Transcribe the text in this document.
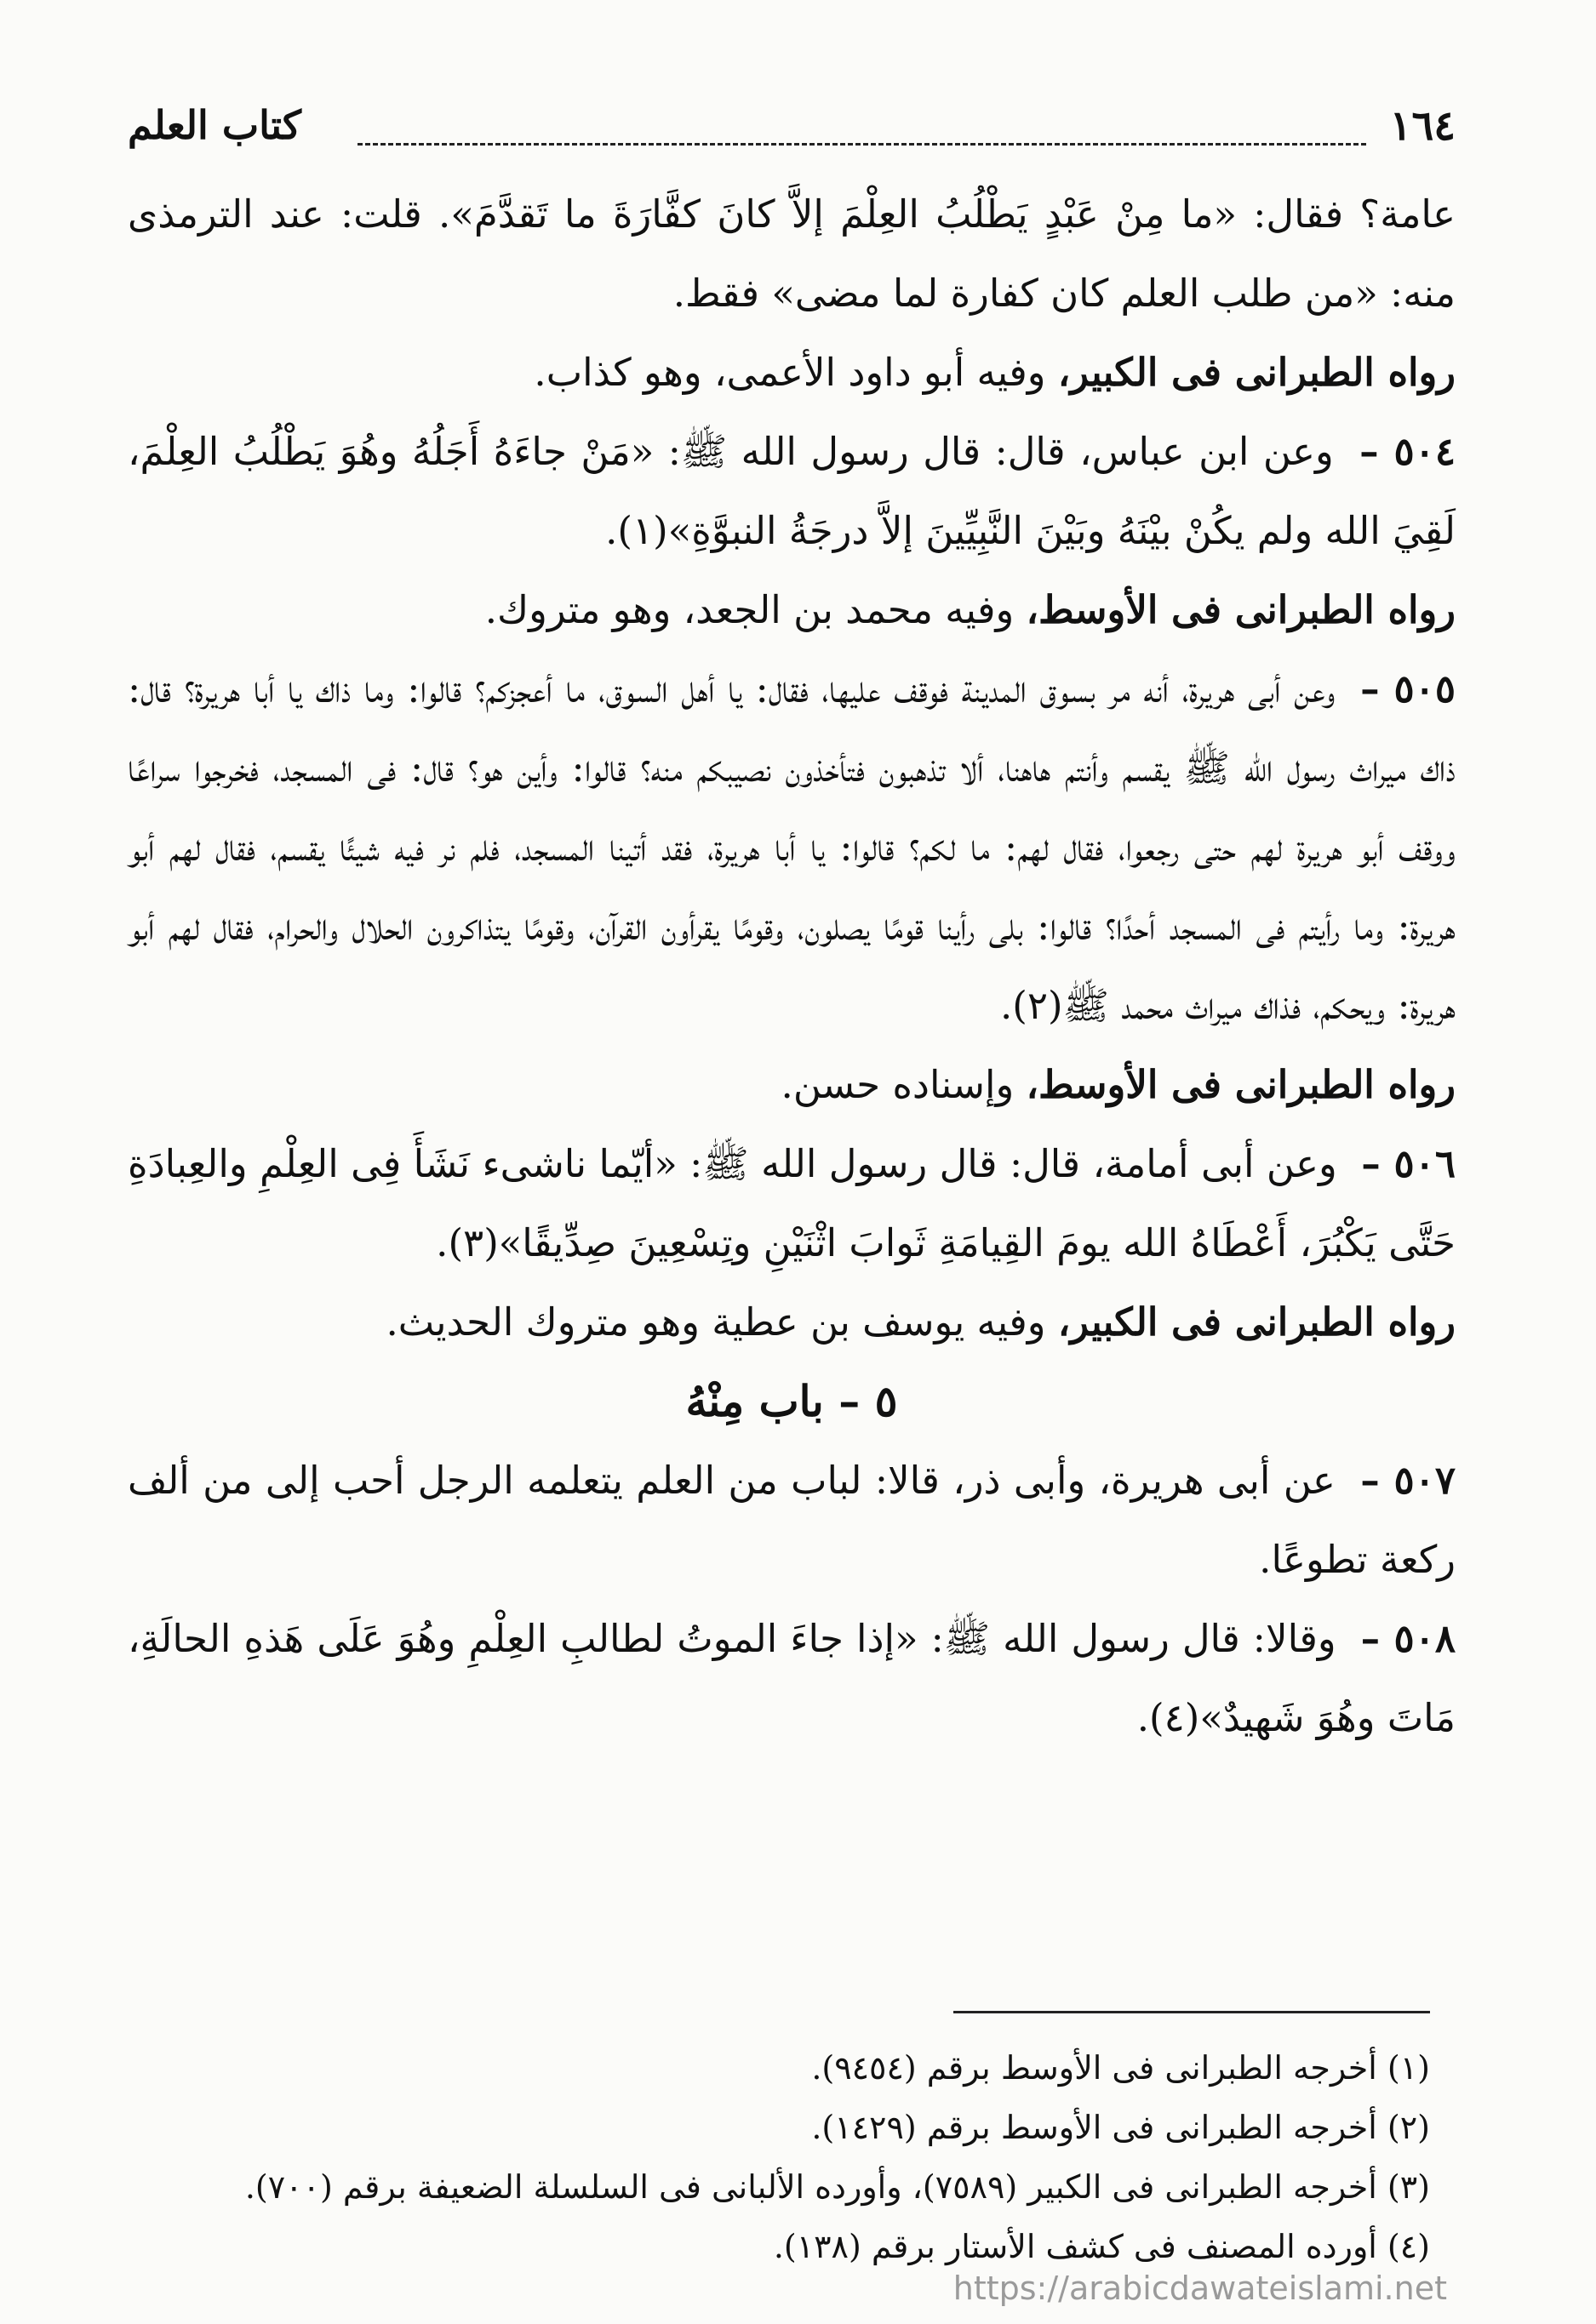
١٦٤
كتاب العلم

عامة؟ فقال: «ما مِنْ عَبْدٍ يَطْلُبُ العِلْمَ إلاَّ كانَ كفَّارَةَ ما تَقدَّمَ». قلت: عند الترمذى منه: «من طلب العلم كان كفارة لما مضى» فقط.

رواه الطبرانى فى الكبير، وفيه أبو داود الأعمى، وهو كذاب.

٥٠٤ – وعن ابن عباس، قال: قال رسول الله ﷺ: «مَنْ جاءَهُ أَجَلُهُ وهُوَ يَطْلُبُ العِلْمَ، لَقِيَ الله ولم يكُنْ بيْنَهُ وبَيْنَ النَّبِيِّينَ إلاَّ درجَةُ النبوَّةِ»(١).

رواه الطبرانى فى الأوسط، وفيه محمد بن الجعد، وهو متروك.

٥٠٥ – وعن أبى هريرة، أنه مر بسوق المدينة فوقف عليها، فقال: يا أهل السوق، ما أعجزكم؟ قالوا: وما ذاك يا أبا هريرة؟ قال: ذاك ميراث رسول الله ﷺ يقسم وأنتم هاهنا، ألا تذهبون فتأخذون نصيبكم منه؟ قالوا: وأين هو؟ قال: فى المسجد، فخرجوا سراعًا ووقف أبو هريرة لهم حتى رجعوا، فقال لهم: ما لكم؟ قالوا: يا أبا هريرة، فقد أتينا المسجد، فلم نر فيه شيئًا يقسم، فقال لهم أبو هريرة: وما رأيتم فى المسجد أحدًا؟ قالوا: بلى رأينا قومًا يصلون، وقومًا يقرأون القرآن، وقومًا يتذاكرون الحلال والحرام، فقال لهم أبو هريرة: ويحكم، فذاك ميراث محمد ﷺ(٢).

رواه الطبرانى فى الأوسط، وإسناده حسن.

٥٠٦ – وعن أبى أمامة، قال: قال رسول الله ﷺ: «أيّما ناشىء نَشَأَ فِى العِلْمِ والعِبادَةِ حَتَّى يَكْبُرَ، أَعْطَاهُ الله يومَ القِيامَةِ ثَوابَ اثْنَيْنِ وتِسْعِينَ صِدِّيقًا»(٣).

رواه الطبرانى فى الكبير، وفيه يوسف بن عطية وهو متروك الحديث.

٥ – باب مِنْهُ

٥٠٧ – عن أبى هريرة، وأبى ذر، قالا: لباب من العلم يتعلمه الرجل أحب إلى من ألف ركعة تطوعًا.

٥٠٨ – وقالا: قال رسول الله ﷺ: «إذا جاءَ الموتُ لطالبِ العِلْمِ وهُوَ عَلَى هَذهِ الحالَةِ، مَاتَ وهُوَ شَهيدٌ»(٤).

(١) أخرجه الطبرانى فى الأوسط برقم (٩٤٥٤).

(٢) أخرجه الطبرانى فى الأوسط برقم (١٤٢٩).

(٣) أخرجه الطبرانى فى الكبير (٧٥٨٩)، وأورده الألبانى فى السلسلة الضعيفة برقم (٧٠٠).

(٤) أورده المصنف فى كشف الأستار برقم (١٣٨).

https://arabicdawateislami.net
